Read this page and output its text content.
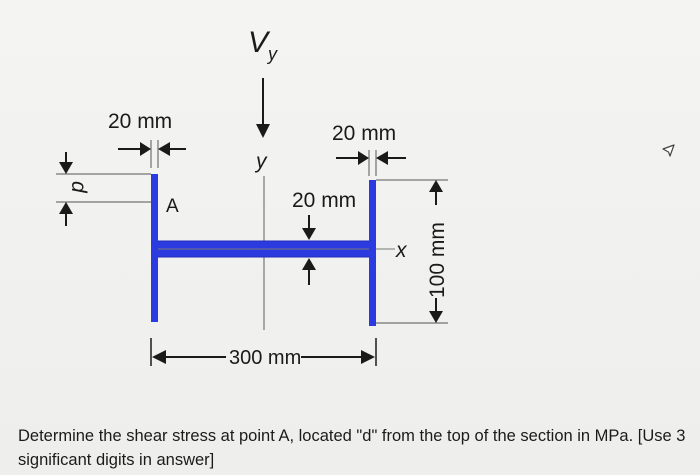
$V_y$
y
x
A
20 mm
20 mm
20 mm
d
100 mm
300 mm
Determine the shear stress at point A, located "d" from the top of the section in MPa. [Use 3 significant digits in answer]
